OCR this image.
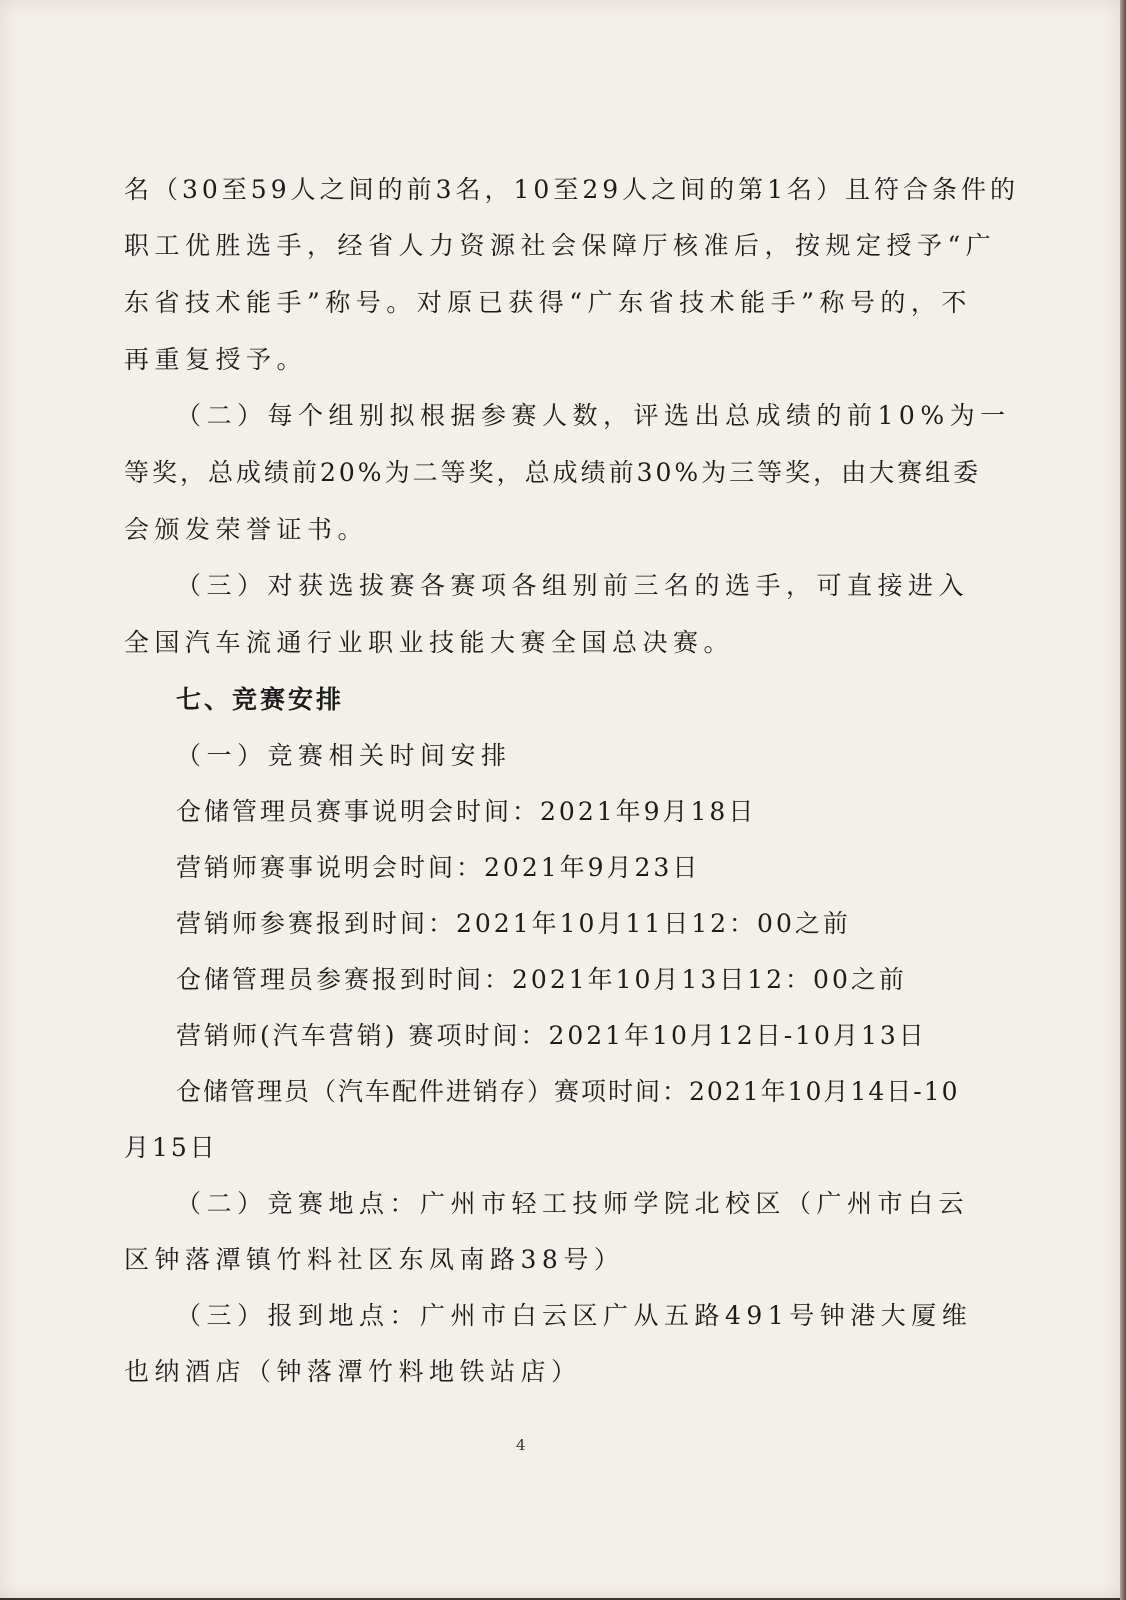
名（30至59人之间的前3名，10至29人之间的第1名）且符合条件的
职工优胜选手，经省人力资源社会保障厅核准后，按规定授予“广
东省技术能手”称号。对原已获得“广东省技术能手”称号的，不
再重复授予。
（二）每个组别拟根据参赛人数，评选出总成绩的前10%为一
等奖，总成绩前20%为二等奖，总成绩前30%为三等奖，由大赛组委
会颁发荣誉证书。
（三）对获选拔赛各赛项各组别前三名的选手，可直接进入
全国汽车流通行业职业技能大赛全国总决赛。
七、竞赛安排
（一）竞赛相关时间安排
仓储管理员赛事说明会时间：2021年9月18日
营销师赛事说明会时间：2021年9月23日
营销师参赛报到时间：2021年10月11日12：00之前
仓储管理员参赛报到时间：2021年10月13日12：00之前
营销师(汽车营销) 赛项时间：2021年10月12日-10月13日
仓储管理员（汽车配件进销存）赛项时间：2021年10月14日-10
月15日
（二）竞赛地点：广州市轻工技师学院北校区（广州市白云
区钟落潭镇竹料社区东凤南路38号）
（三）报到地点：广州市白云区广从五路491号钟港大厦维
也纳酒店（钟落潭竹料地铁站店）
4
